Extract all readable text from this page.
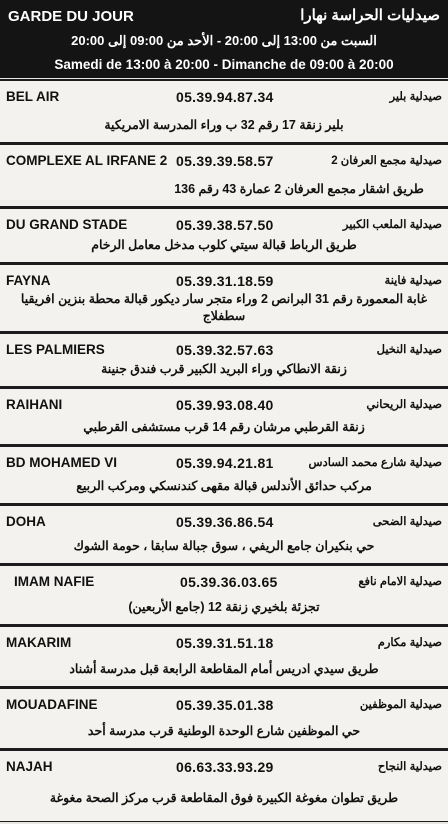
GARDE DU JOUR	صيدليات الحراسة نهارا
السبت من 13:00 إلى 20:00 - الأحد من 09:00 إلى 20:00
Samedi de 13:00 à 20:00 - Dimanche de 09:00 à 20:00
BEL AIR	05.39.94.87.34	صيدلية بلير
بلير زنقة 17 رقم 32 ب وراء المدرسة الامريكية
COMPLEXE AL IRFANE 2 05.39.39.58.57	صيدلية مجمع العرفان 2
طريق اشقار مجمع العرفان 2 عمارة 43 رقم 136
DU GRAND STADE	05.39.38.57.50	صيدلية الملعب الكبير
طريق الرباط قبالة سيتي كلوب مدخل معامل الرخام
FAYNA	05.39.31.18.59	صيدلية فاينة
غابة المعمورة رقم 31 البرانص 2 وراء متجر سار ديكور قبالة محطة بنزين افريقيا سطفلاج
LES PALMIERS	05.39.32.57.63	صيدلية النخيل
زنقة الانطاكي وراء البريد الكبير قرب فندق جنينة
RAIHANI	05.39.93.08.40	صيدلية الريحاني
زنقة القرطبي مرشان رقم 14 قرب مستشفى القرطبي
BD MOHAMED VI	05.39.94.21.81	صيدلية شارع محمد السادس
مركب حدائق الأندلس قبالة مقهى كندنسكي ومركب الربيع
DOHA	05.39.36.86.54	صيدلية الضحى
حي بنكيران جامع الريفي ، سوق جبالة سابقا ، حومة الشوك
IMAM NAFIE	05.39.36.03.65	صيدلية الامام نافع
تجزئة بلخيري زنقة 12 (جامع الأربعين)
MAKARIM	05.39.31.51.18	صيدلية مكارم
طريق سيدي ادريس أمام المقاطعة الرابعة قبل مدرسة أشناد
MOUADAFINE	05.39.35.01.38	صيدلية الموظفين
حي الموظفين شارع الوحدة الوطنية قرب مدرسة أحد
NAJAH	06.63.33.93.29	صيدلية النجاح
طريق تطوان مغوغة الكبيرة فوق المقاطعة قرب مركز الصحة مغوغة
